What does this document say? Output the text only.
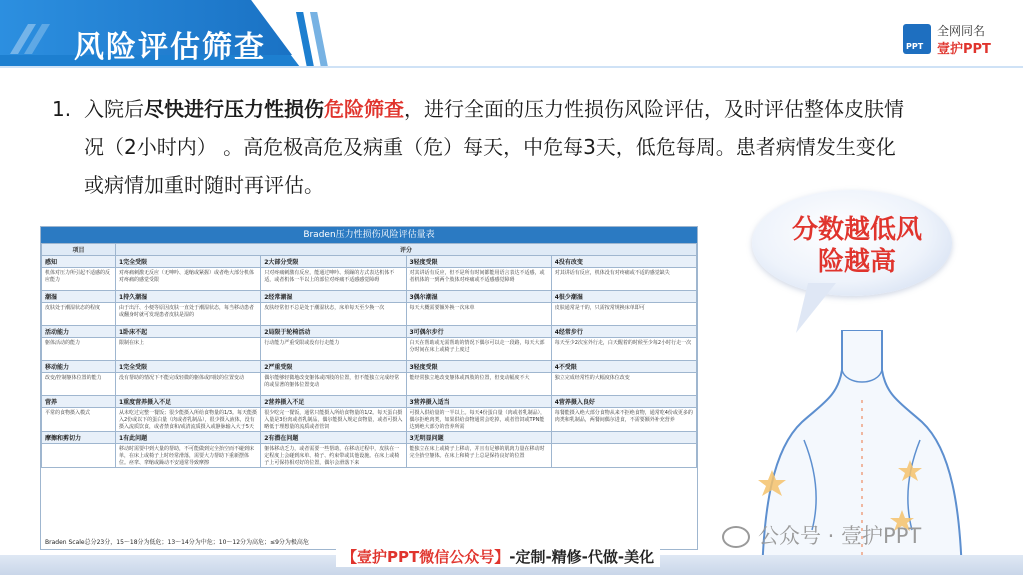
风险评估筛查	PPT
全网同名
壹护PPT
1. 入院后尽快进行压力性损伤危险筛查，进行全面的压力性损伤风险评估，及时评估整体皮肤情
况（2小时内） 。高危极高危及病重（危）每天，中危每3天，低危每周。患者病情发生变化
或病情加重时随时再评估。
Braden压力性损伤风险评估量表
项目	评分			
感知	1完全受限	2大部分受限	3轻度受限	4没有改变
机体对压力所引起不适感的反应能力	对疼痛刺激无反应（无呻吟、退缩或紧握）或者绝大部分机体对疼痛的感觉受限	只对疼痛刺激有反应，能通过呻吟、烦躁的方式表达机体不适，或者机体一半以上的部位对疼痛不适感感觉障碍	对其讲话有反应，但不是所有时间都能用语言表达不适感，或者机体的一到两个肢体对疼痛或不适感感觉障碍	对其讲话有反应，机体没有对疼痛或不适的感觉缺失
潮湿	1持久潮湿	2经常潮湿	3偶尔潮湿	4很少潮湿
皮肤处于潮湿状态的程度	由于出汗、小便等原因皮肤一直处于潮湿状态，每当移动患者或翻身时就可发现患者皮肤是湿的	皮肤经常但不总是处于潮湿状态，床单每天至少换一次	每天大概需要额外换一次床单	皮肤通常是干的，只需按常规换床单即可
活动能力	1卧床不起	2局限于轮椅活动	3可偶尔步行	4经常步行
躯体活动的能力	限制在床上	行动能力严重受限或没有行走能力	白天在帮助或无需帮助的情况下偶尔可以走一段路，每天大部分时间在床上或椅子上度过	每天至少2次室外行走，白天醒着的时候至少每2小时行走一次
移动能力	1完全受限	2严重受限	3轻度受限	4不受限
改变/控制躯体位置的能力	没有帮助的情况下不能完成轻微的躯体或四肢的位置变动	偶尔能够轻微地改变躯体或四肢的位置，但不能独立完成经常的或显著的躯体位置变动	能经常独立地改变躯体或四肢的位置，但变动幅度不大	独立完成经常性的大幅度体位改变
营养	1重度营养摄入不足	2营养摄入不足	3营养摄入适当	4营养摄入良好
平常的食物摄入模式	从未吃过完整一餐饭；很少能摄入所给食物量的1/3。每天能摄入2份或以下的蛋白量（肉或者乳制品），很少摄入液体，没有摄入流质饮食，或者禁食和/或清流质摄入或静脉输入大于5天	很少吃完一餐饭，通常只能摄入所给食物量的1/2。每天蛋白摄入量是3份肉或者乳制品，偶尔能摄入规定食物量，或者可摄入略低于理想量的流质或者管饲	可摄入供给量的一半以上。每天4份蛋白量（肉或者乳制品），偶尔拒绝肉类，如果供给食物通常会吃掉，或者管饲或TPN能达到绝大部分的营养所需	每餐能摄入绝大部分食物从来不拒绝食物，通常吃4份或更多的肉类和乳制品，两餐间偶尔进食，不需要额外补充营养
摩擦和剪切力	1有此问题	2有潜在问题	3无明显问题	
	移动时需要中到大量的帮助，不可能做到完全抬空而不碰到床单，在床上或椅子上时经常滑落，需要大力帮助下重新摆体位。痉挛、挛缩或躁动不安通常导致摩擦	躯体移动乏力，或者需要一些帮助，在移动过程中，皮肤在一定程度上会碰到床单、椅子、约束带或其他设施。在床上或椅子上可保持相对好的位置，偶尔会滑落下来	能独立在床上或椅子上移动，并且有足够的肌肉力量在移动时完全抬空躯体。在床上和椅子上总是保持良好的位置	
Braden Scale总分23分，15～18分为低危；13～14分为中危；10～12分为高危；≤9分为极高危
分数越低风险越高
公众号 · 壹护PPT
【壹护PPT微信公众号】-定制-精修-代做-美化
